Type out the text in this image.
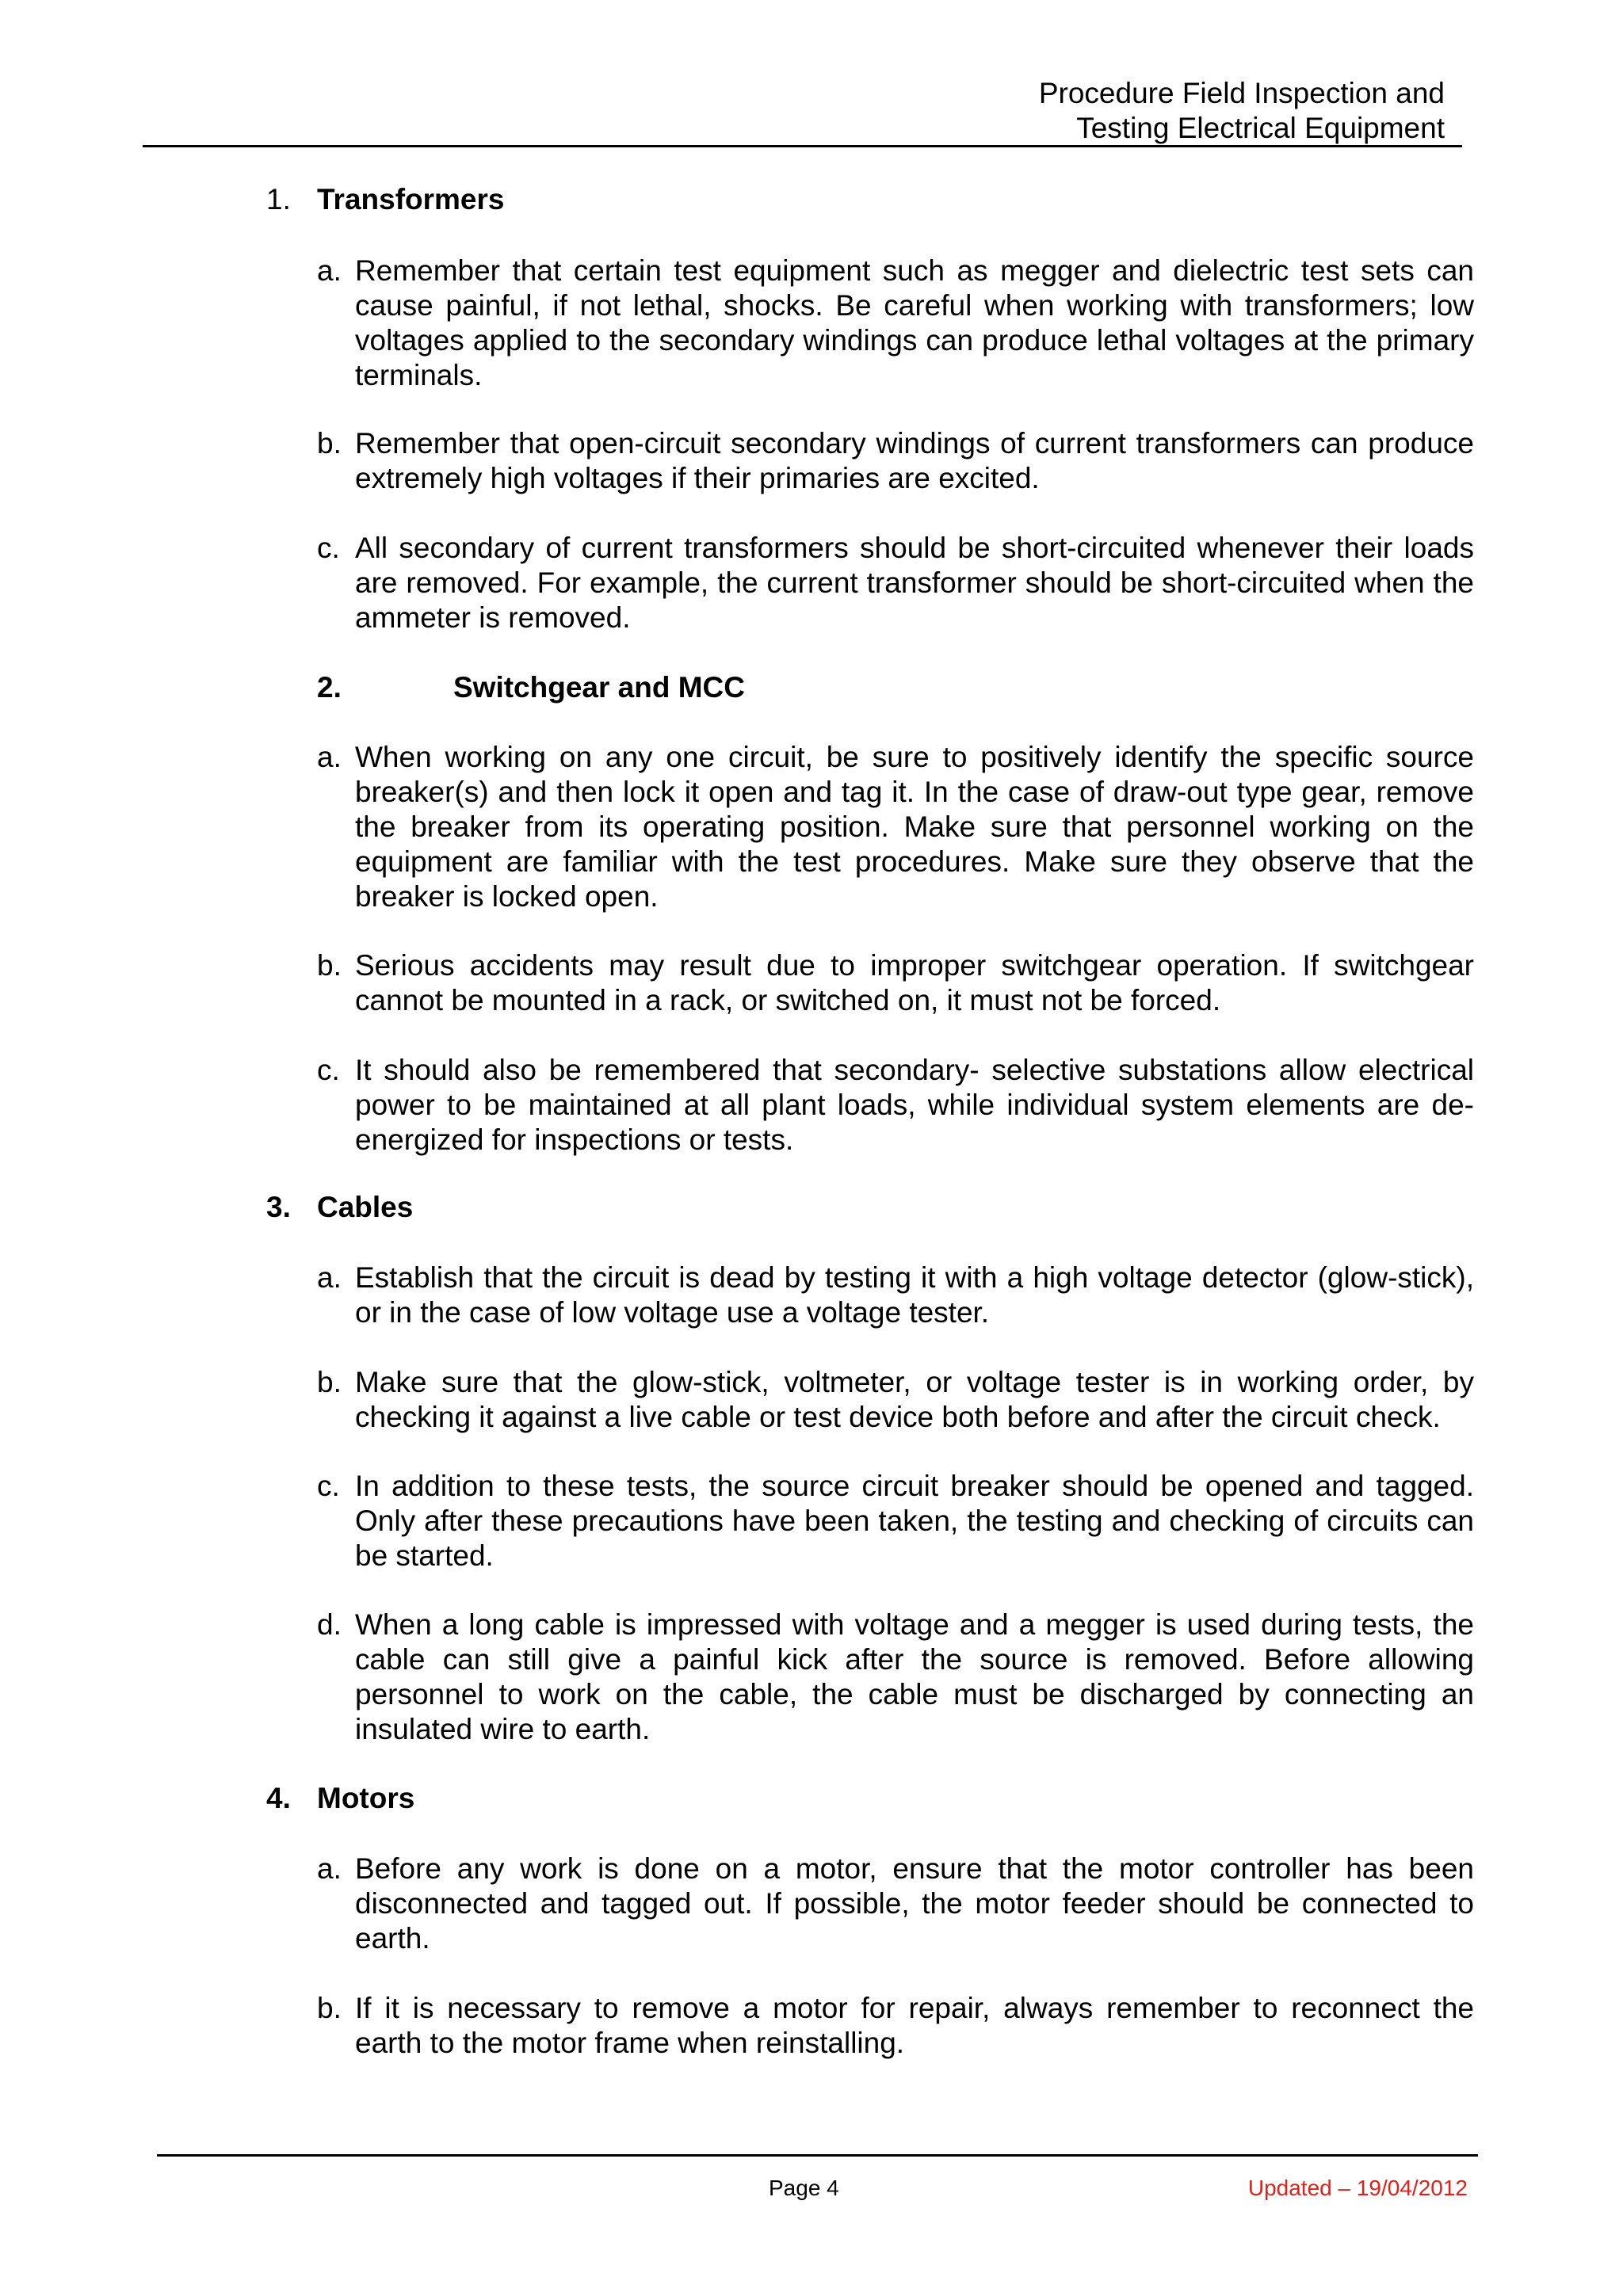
Procedure Field Inspection and
Testing Electrical Equipment
1. Transformers
a. Remember that certain test equipment such as megger and dielectric test sets can cause painful, if not lethal, shocks. Be careful when working with transformers; low voltages applied to the secondary windings can produce lethal voltages at the primary terminals.
b. Remember that open-circuit secondary windings of current transformers can produce extremely high voltages if their primaries are excited.
c. All secondary of current transformers should be short-circuited whenever their loads are removed. For example, the current transformer should be short-circuited when the ammeter is removed.
2.	Switchgear and MCC
a. When working on any one circuit, be sure to positively identify the specific source breaker(s) and then lock it open and tag it. In the case of draw-out type gear, remove the breaker from its operating position. Make sure that personnel working on the equipment are familiar with the test procedures. Make sure they observe that the breaker is locked open.
b. Serious accidents may result due to improper switchgear operation. If switchgear cannot be mounted in a rack, or switched on, it must not be forced.
c. It should also be remembered that secondary- selective substations allow electrical power to be maintained at all plant loads, while individual system elements are de-energized for inspections or tests.
3. Cables
a. Establish that the circuit is dead by testing it with a high voltage detector (glow-stick), or in the case of low voltage use a voltage tester.
b. Make sure that the glow-stick, voltmeter, or voltage tester is in working order, by checking it against a live cable or test device both before and after the circuit check.
c. In addition to these tests, the source circuit breaker should be opened and tagged. Only after these precautions have been taken, the testing and checking of circuits can be started.
d. When a long cable is impressed with voltage and a megger is used during tests, the cable can still give a painful kick after the source is removed. Before allowing personnel to work on the cable, the cable must be discharged by connecting an insulated wire to earth.
4. Motors
a. Before any work is done on a motor, ensure that the motor controller has been disconnected and tagged out. If possible, the motor feeder should be connected to earth.
b. If it is necessary to remove a motor for repair, always remember to reconnect the earth to the motor frame when reinstalling.
Page 4	Updated – 19/04/2012
